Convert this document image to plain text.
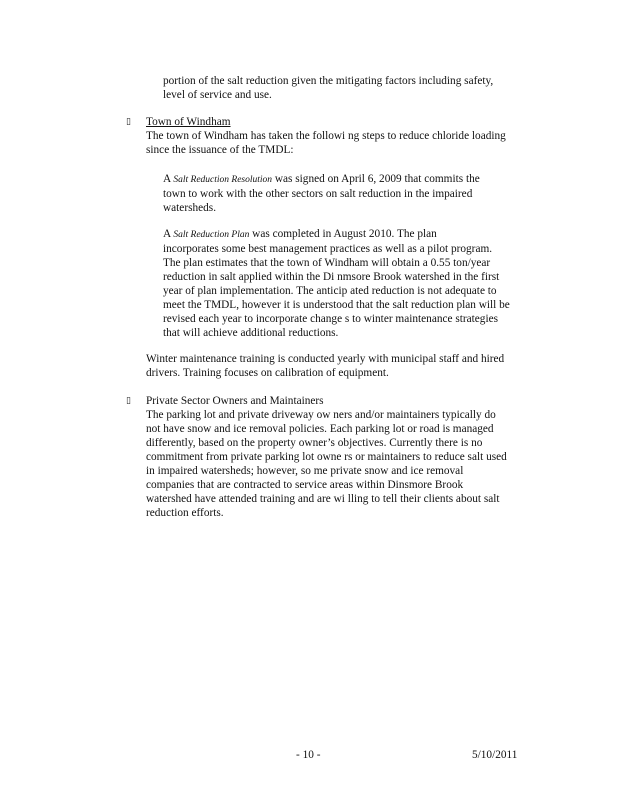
portion of the salt reduction given the mitigating factors including safety,
level of service and use.
▯ Town of Windham
The town of Windham has taken the followi ng steps to reduce chloride loading
since the issuance of the TMDL:
A Salt Reduction Resolution was signed on April 6, 2009 that commits the
town to work with the other sectors on salt reduction in the impaired
watersheds.
A Salt Reduction Plan was completed in August 2010. The plan
incorporates some best management practices as well as a pilot program.
The plan estimates that the town of Windham will obtain a 0.55 ton/year
reduction in salt applied within the Di nmsore Brook watershed in the first
year of plan implementation. The anticip ated reduction is not adequate to
meet the TMDL, however it is understood that the salt reduction plan will be
revised each year to incorporate change s to winter maintenance strategies
that will achieve additional reductions.
Winter maintenance training is conducted yearly with municipal staff and hired
drivers. Training focuses on calibration of equipment.
▯ Private Sector Owners and Maintainers
The parking lot and private driveway ow ners and/or maintainers typically do
not have snow and ice removal policies. Each parking lot or road is managed
differently, based on the property owner’s objectives. Currently there is no
commitment from private parking lot owne rs or maintainers to reduce salt used
in impaired watersheds; however, so me private snow and ice removal
companies that are contracted to service areas within Dinsmore Brook
watershed have attended training and are wi lling to tell their clients about salt
reduction efforts.
- 10 -	5/10/2011
